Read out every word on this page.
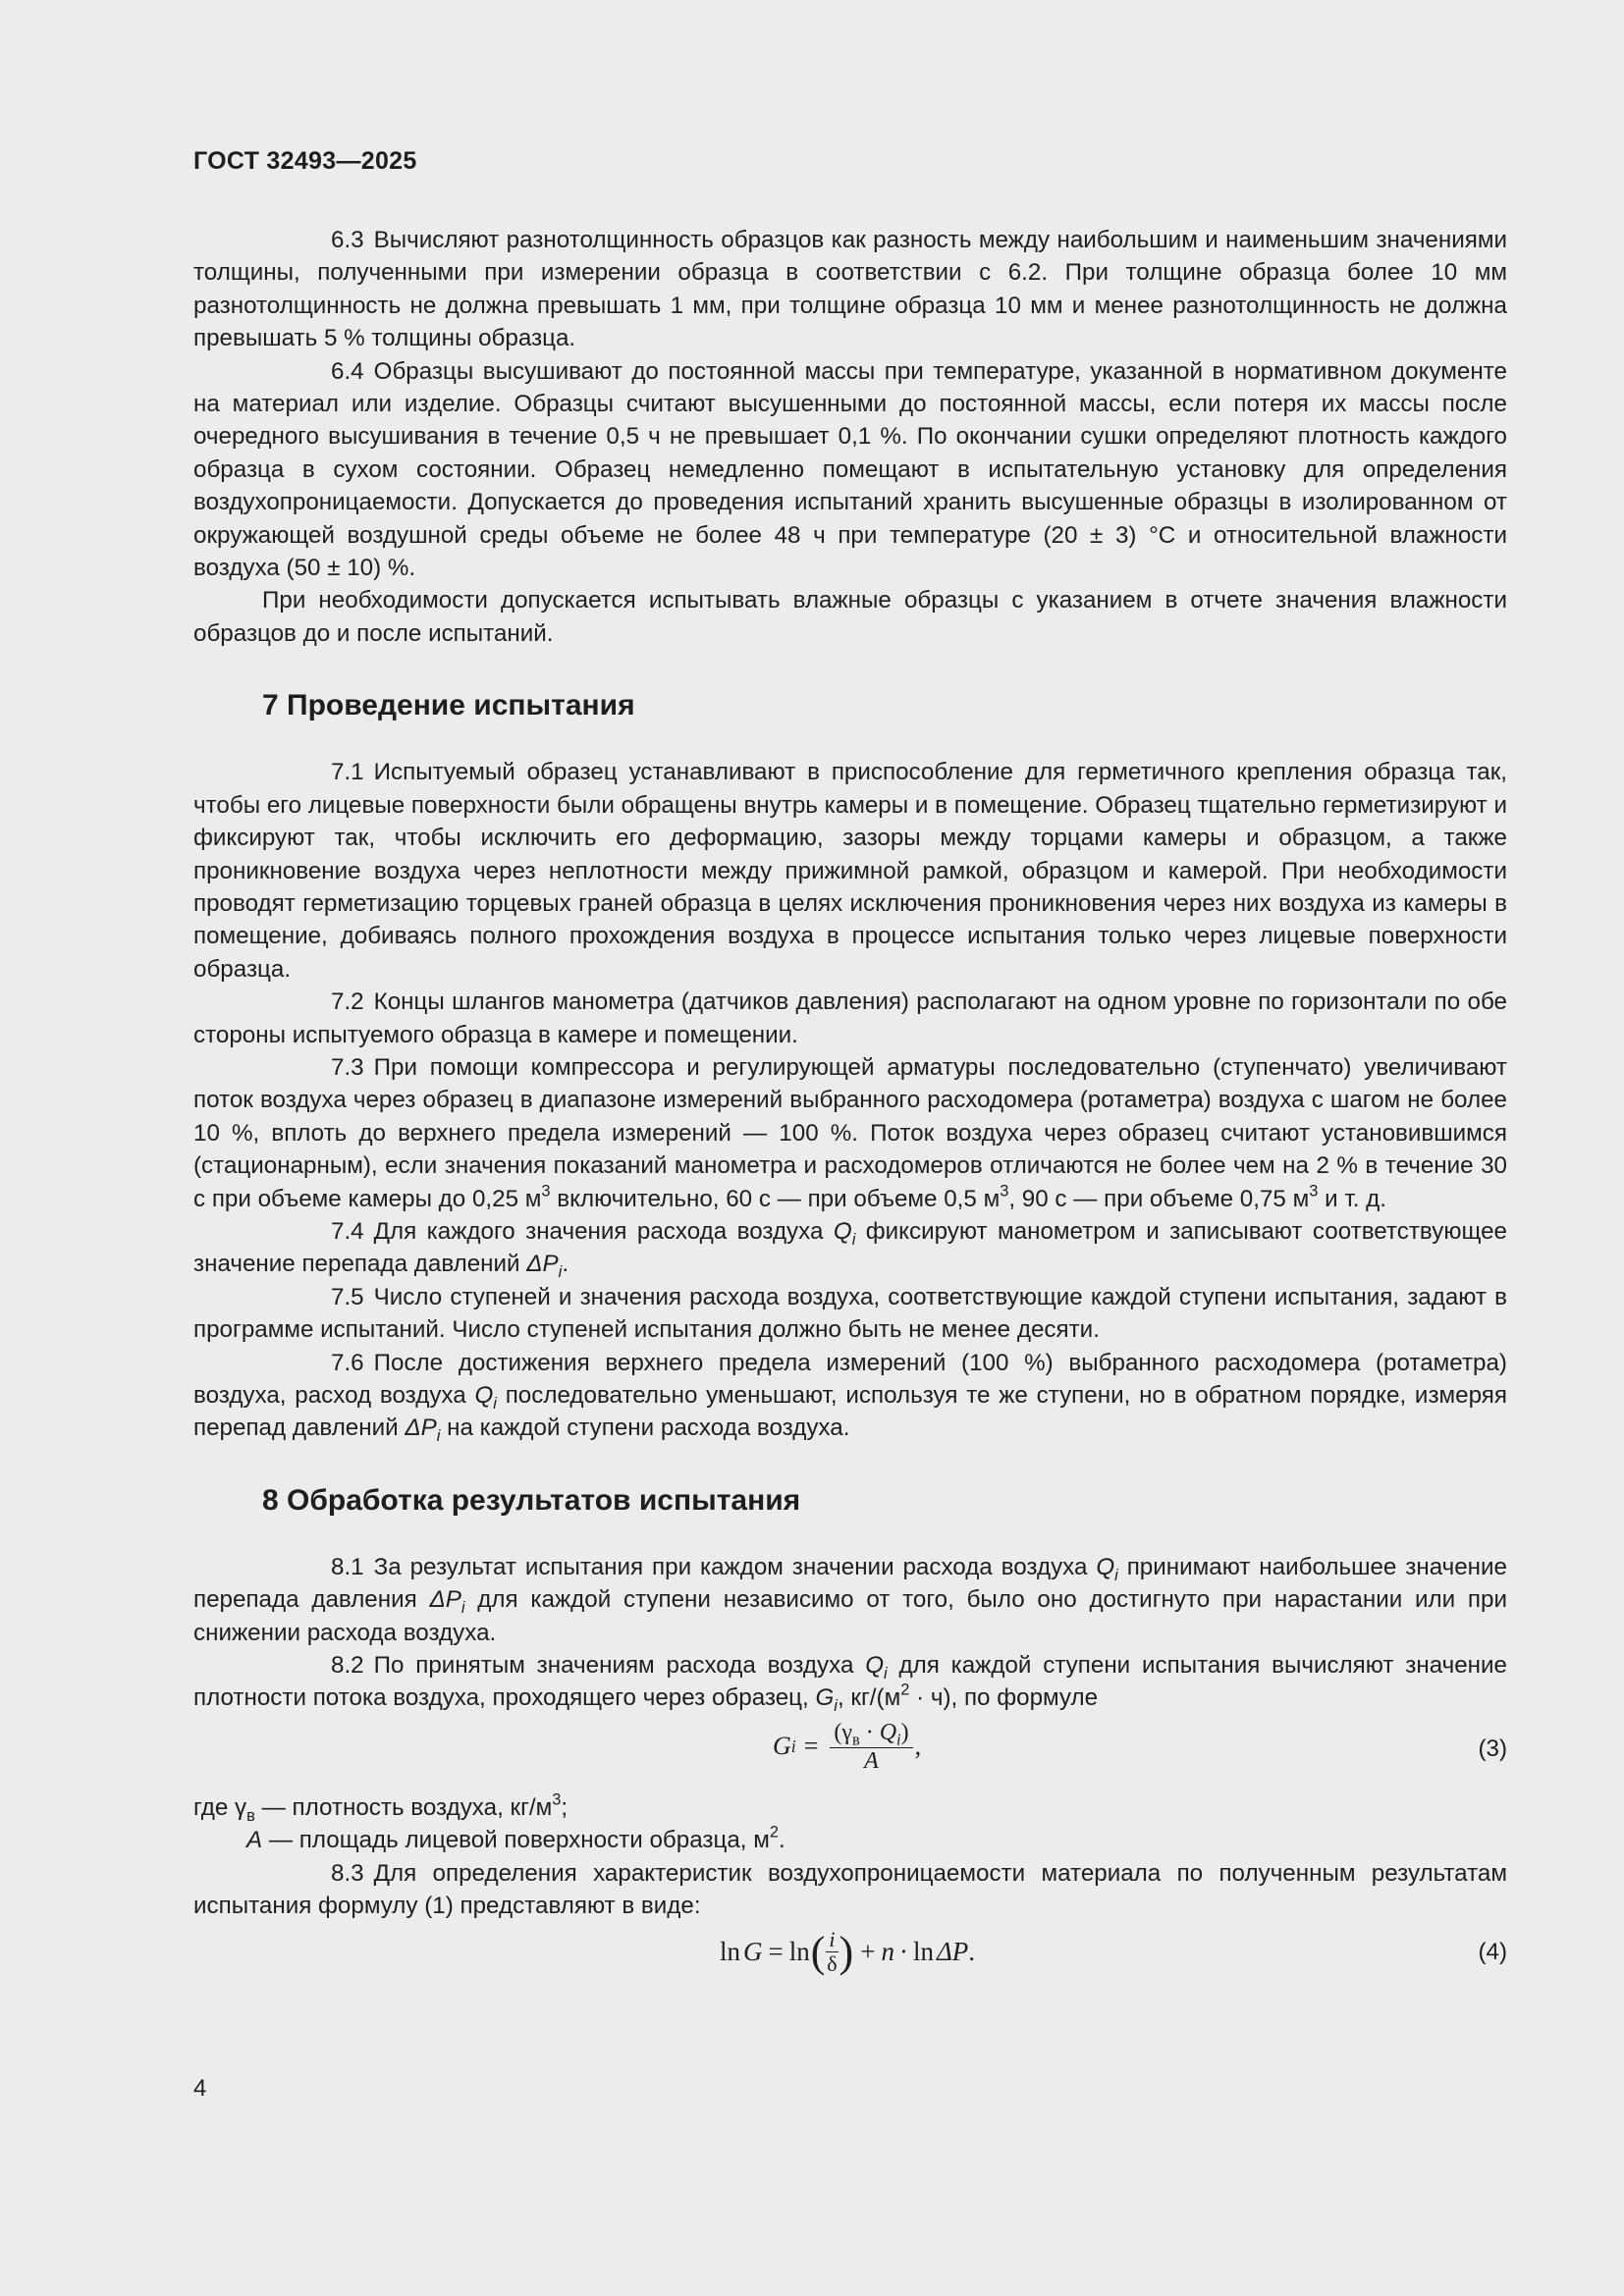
ГОСТ 32493—2025

6.3 Вычисляют разнотолщинность образцов как разность между наибольшим и наименьшим значениями толщины, полученными при измерении образца в соответствии с 6.2. При толщине образца более 10 мм разнотолщинность не должна превышать 1 мм, при толщине образца 10 мм и менее разнотолщинность не должна превышать 5 % толщины образца.

6.4 Образцы высушивают до постоянной массы при температуре, указанной в нормативном документе на материал или изделие. Образцы считают высушенными до постоянной массы, если потеря их массы после очередного высушивания в течение 0,5 ч не превышает 0,1 %. По окончании сушки определяют плотность каждого образца в сухом состоянии. Образец немедленно помещают в испытательную установку для определения воздухопроницаемости. Допускается до проведения испытаний хранить высушенные образцы в изолированном от окружающей воздушной среды объеме не более 48 ч при температуре (20 ± 3) °С и относительной влажности воздуха (50 ± 10) %.

При необходимости допускается испытывать влажные образцы с указанием в отчете значения влажности образцов до и после испытаний.

7 Проведение испытания

7.1 Испытуемый образец устанавливают в приспособление для герметичного крепления образца так, чтобы его лицевые поверхности были обращены внутрь камеры и в помещение. Образец тщательно герметизируют и фиксируют так, чтобы исключить его деформацию, зазоры между торцами камеры и образцом, а также проникновение воздуха через неплотности между прижимной рамкой, образцом и камерой. При необходимости проводят герметизацию торцевых граней образца в целях исключения проникновения через них воздуха из камеры в помещение, добиваясь полного прохождения воздуха в процессе испытания только через лицевые поверхности образца.

7.2 Концы шлангов манометра (датчиков давления) располагают на одном уровне по горизонтали по обе стороны испытуемого образца в камере и помещении.

7.3 При помощи компрессора и регулирующей арматуры последовательно (ступенчато) увеличивают поток воздуха через образец в диапазоне измерений выбранного расходомера (ротаметра) воздуха с шагом не более 10 %, вплоть до верхнего предела измерений — 100 %. Поток воздуха через образец считают установившимся (стационарным), если значения показаний манометра и расходомеров отличаются не более чем на 2 % в течение 30 с при объеме камеры до 0,25 $м^3$ включительно, 60 с — при объеме 0,5 $м^3$, 90 с — при объеме 0,75 $м^3$ и т. д.

7.4 Для каждого значения расхода воздуха $Q_i$ фиксируют манометром и записывают соответствующее значение перепада давлений $\Delta P_i$.

7.5 Число ступеней и значения расхода воздуха, соответствующие каждой ступени испытания, задают в программе испытаний. Число ступеней испытания должно быть не менее десяти.

7.6 После достижения верхнего предела измерений (100 %) выбранного расходомера (ротаметра) воздуха, расход воздуха $Q_i$ последовательно уменьшают, используя те же ступени, но в обратном порядке, измеряя перепад давлений $\Delta P_i$ на каждой ступени расхода воздуха.

8 Обработка результатов испытания

8.1 За результат испытания при каждом значении расхода воздуха $Q_i$ принимают наибольшее значение перепада давления $\Delta P_i$ для каждой ступени независимо от того, было оно достигнуто при нарастании или при снижении расхода воздуха.

8.2 По принятым значениям расхода воздуха $Q_i$ для каждой ступени испытания вычисляют значение плотности потока воздуха, проходящего через образец, $G_i$, $кг/(м^2 \cdot ч)$, по формуле

G $i = \frac{(\gamma_в \cdot Q_i)}{A}$ ,	(3)

где $\gamma_в$ — плотность воздуха, $кг/м^3$;

A — площадь лицевой поверхности образца, $м^2$.

8.3 Для определения характеристик воздухопроницаемости материала по полученным результатам испытания формулу (1) представляют в виде:

ln G = ln ( $\frac{i}{\delta}$ ) + n · ln ΔP .	(4)
4
